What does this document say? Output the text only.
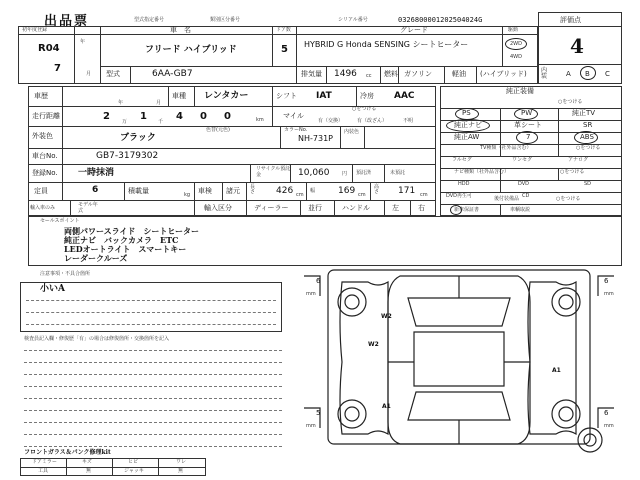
出品票	型式指定番号	類別区分番号	シリアル番号	0326800001202504024G	評価点
4
内装	A B C
初年度登録
R04
年
7	月
車　名
フリード ハイブリッド
ドア数
5
グレード
HYBRID G Honda SENSING シートヒーター
駆動
2WD
4WD
型式	6AA-GB7	排気量 1496 cc 燃料 ガソリン	軽油 (ハイブリッド)
車歴	車種 レンタカー	シフト IAT	冷房 AAC
走行距離
年	月
2 万 1 千 4 0 0	km	マイル
○をつける
有（交換）	有（改ざん）	不明
外装色	ブラック
色替(元色)	カラーNo.
NH-731P
内装色
車台No.	GB7-3179302
登録No. 一時抹消	リサイクル預託金	10,060	円 預託済	未預託
定員	6	積載量	kg 車検 諸元 長さ	426 cm
幅	169 cm
高さ	171 cm
輸入車のみ	モデル年式	輸入区分	ディーラー	並行	ハンドル	左	右
純正装備
○をつける
PS	PW	純正TV
純正ナビ	革シート	SR
純正AW	7	ABS
TV種類（社外品含む）	○をつける
フルセグ	ワンセグ	アナログ
ナビ種類（社外品含む）	○をつける
HDD	DVD	SD
DVD再生可	CD
後付装備品	○をつける
新車保証書	車輌取説
セールスポイント
両側パワースライド　シートヒーター
純正ナビ　バックカメラ　ETC
LEDオートライト　スマートキー
レーダークルーズ
注意事項・不具合箇所
小いA
検査員記入欄・修復歴「有」の場合は修復箇所・交換箇所を記入
フロントガラス＆パンク修理kit
ドアミラー	キズ	ヒビ	ワレ
工具	無	ジャッキ	無
6
mm
6
mm
5
mm
6
mm
W2
W2
A1
A1
